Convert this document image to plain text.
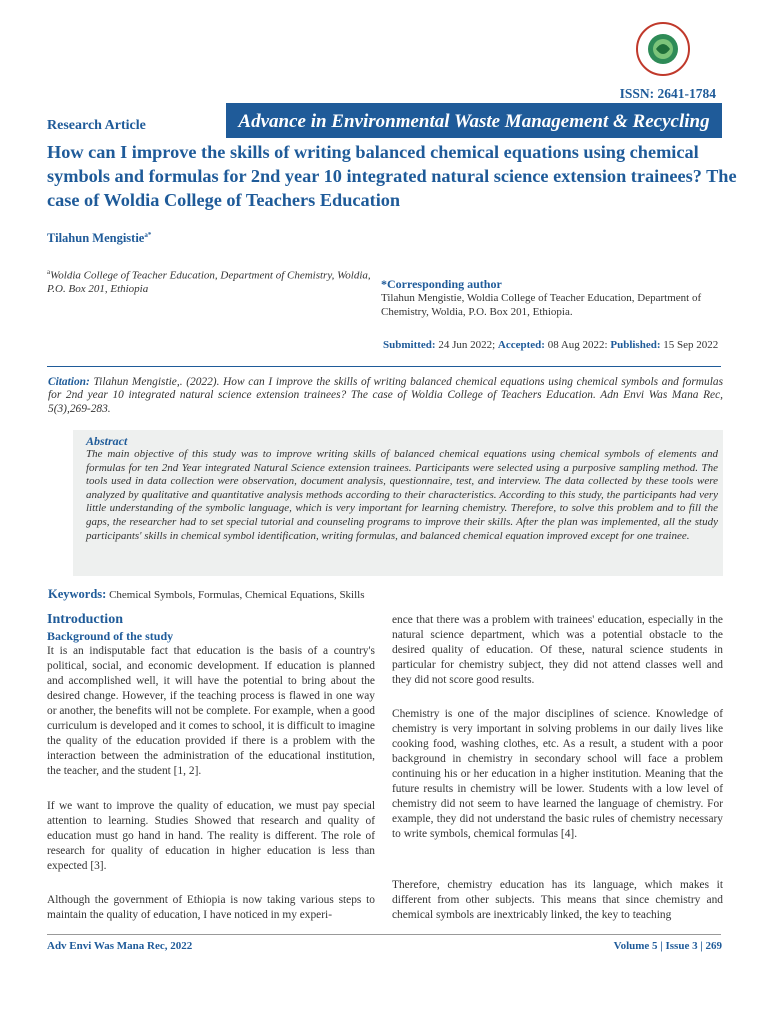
ISSN: 2641-1784
Research Article	Advance in Environmental Waste Management & Recycling
How can I improve the skills of writing balanced chemical equations using chemical symbols and formulas for 2nd year 10 integrated natural science extension trainees? The case of Woldia College of Teachers Education
Tilahun Mengistie$^{a*}$
$^a$Woldia College of Teacher Education, Department of Chemistry, Woldia, P.O. Box 201, Ethiopia	*Corresponding author
Tilahun Mengistie, Woldia College of Teacher Education, Department of Chemistry, Woldia, P.O. Box 201, Ethiopia.
Submitted: 24 Jun 2022; Accepted: 08 Aug 2022: Published: 15 Sep 2022
Citation: Tilahun Mengistie,. (2022). How can I improve the skills of writing balanced chemical equations using chemical symbols and formulas for 2nd year 10 integrated natural science extension trainees? The case of Woldia College of Teachers Education. Adn Envi Was Mana Rec, 5(3),269-283.
Abstract
The main objective of this study was to improve writing skills of balanced chemical equations using chemical symbols of elements and formulas for ten 2nd Year integrated Natural Science extension trainees. Participants were selected using a purposive sampling method. The tools used in data collection were observation, document analysis, questionnaire, test, and interview. The data collected by these tools were analyzed by qualitative and quantitative analysis methods according to their characteristics. According to this study, the participants had very little understanding of the symbolic language, which is very important for learning chemistry. Therefore, to solve this problem and to fill the gaps, the researcher had to set special tutorial and counseling programs to improve their skills. After the plan was implemented, all the study participants' skills in chemical symbol identification, writing formulas, and balanced chemical equation improved except for one trainee.
Keywords: Chemical Symbols, Formulas, Chemical Equations, Skills
Introduction
Background of the study
It is an indisputable fact that education is the basis of a country's political, social, and economic development. If education is planned and accomplished well, it will have the potential to bring about the desired change. However, if the teaching process is flawed in one way or another, the benefits will not be complete. For example, when a good curriculum is developed and it comes to school, it is difficult to imagine the quality of the education provided if there is a problem with the interaction between the administration of the educational institution, the teacher, and the student [1, 2].
If we want to improve the quality of education, we must pay special attention to learning. Studies Showed that research and quality of education must go hand in hand. The reality is different. The role of research for quality of education in higher education is less than expected [3].
Although the government of Ethiopia is now taking various steps to maintain the quality of education, I have noticed in my experi-
ence that there was a problem with trainees' education, especially in the natural science department, which was a potential obstacle to the desired quality of education. Of these, natural science students in particular for chemistry subject, they did not attend classes well and they did not score good results.
Chemistry is one of the major disciplines of science. Knowledge of chemistry is very important in solving problems in our daily lives like cooking food, washing clothes, etc. As a result, a student with a poor background in chemistry in secondary school will face a problem continuing his or her education in a higher institution. Meaning that the future results in chemistry will be lower. Students with a low level of chemistry did not seem to have learned the language of chemistry. For example, they did not understand the basic rules of chemistry necessary to write symbols, chemical formulas [4].
Therefore, chemistry education has its language, which makes it different from other subjects. This means that since chemistry and chemical symbols are inextricably linked, the key to teaching
Adv Envi Was Mana Rec, 2022	Volume 5 | Issue 3 | 269
